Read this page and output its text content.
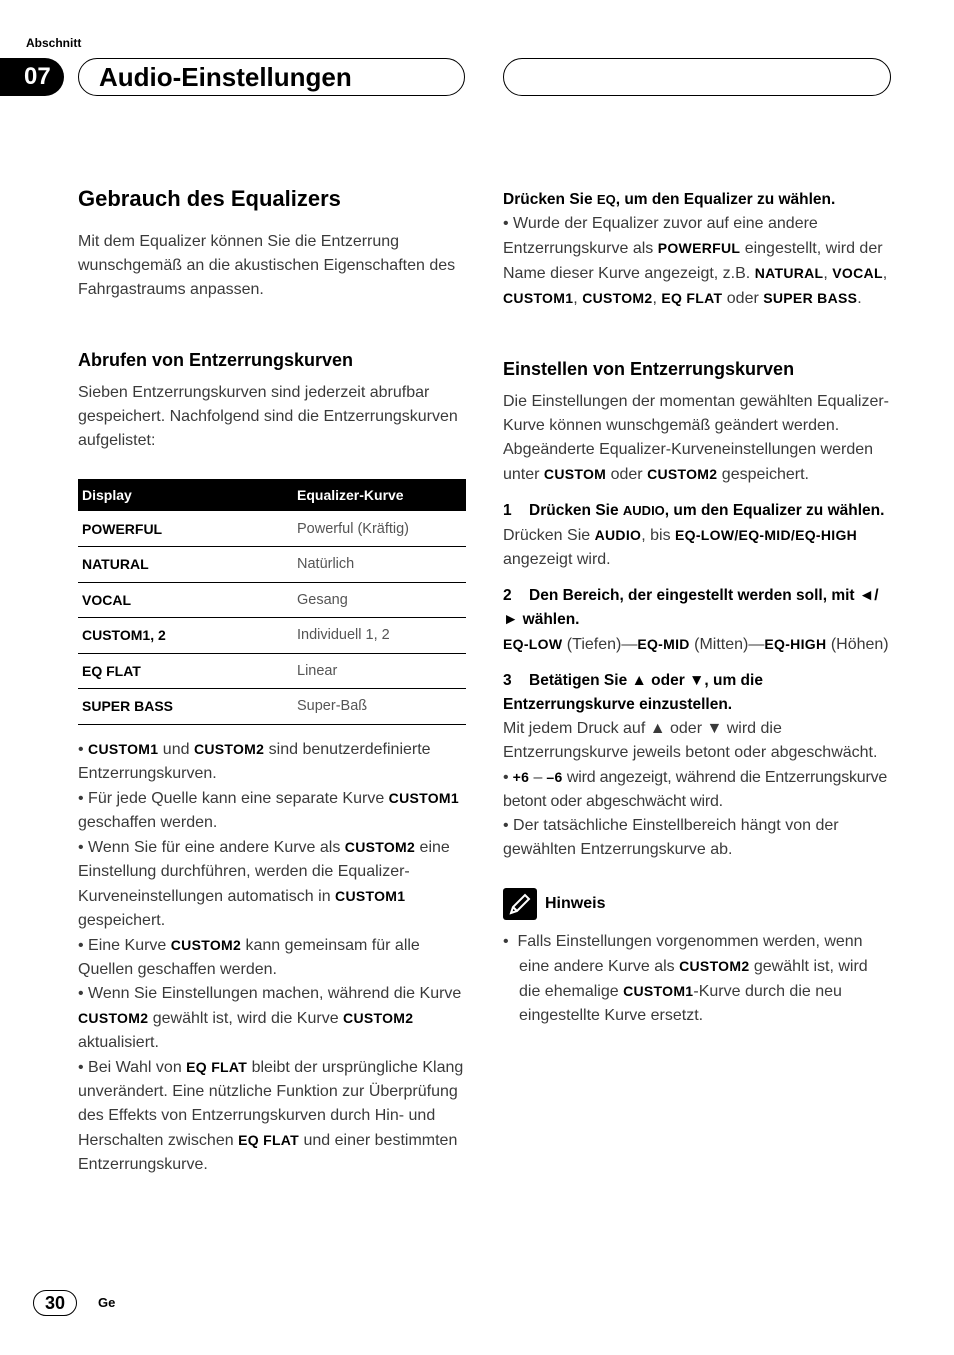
Abschnitt
07	Audio-Einstellungen
Gebrauch des Equalizers

Mit dem Equalizer können Sie die Entzerrung wunschgemäß an die akustischen Eigenschaften des Fahrgastraums anpassen.

Abrufen von Entzerrungskurven

Sieben Entzerrungskurven sind jederzeit abrufbar gespeichert. Nachfolgend sind die Entzerrungskurven aufgelistet:

Display	Equalizer-Kurve
POWERFUL	Powerful (Kräftig)
NATURAL	Natürlich
VOCAL	Gesang
CUSTOM1, 2	Individuell 1, 2
EQ FLAT	Linear
SUPER BASS	Super-Baß

• CUSTOM1 und CUSTOM2 sind benutzerdefinierte Entzerrungskurven.

• Für jede Quelle kann eine separate Kurve CUSTOM1 geschaffen werden.

• Wenn Sie für eine andere Kurve als CUSTOM2 eine Einstellung durchführen, werden die Equalizer-Kurveneinstellungen automatisch in CUSTOM1 gespeichert.

• Eine Kurve CUSTOM2 kann gemeinsam für alle Quellen geschaffen werden.

• Wenn Sie Einstellungen machen, während die Kurve CUSTOM2 gewählt ist, wird die Kurve CUSTOM2 aktualisiert.

• Bei Wahl von EQ FLAT bleibt der ursprüngliche Klang unverändert. Eine nützliche Funktion zur Überprüfung des Effekts von Entzerrungskurven durch Hin- und Herschalten zwischen EQ FLAT und einer bestimmten Entzerrungskurve.

Drücken Sie EQ, um den Equalizer zu wählen.

• Wurde der Equalizer zuvor auf eine andere Entzerrungskurve als POWERFUL eingestellt, wird der Name dieser Kurve angezeigt, z.B. NATURAL, VOCAL, CUSTOM1, CUSTOM2, EQ FLAT oder SUPER BASS.

Einstellen von Entzerrungskurven

Die Einstellungen der momentan gewählten Equalizer-Kurve können wunschgemäß geändert werden. Abgeänderte Equalizer-Kurveneinstellungen werden unter CUSTOM oder CUSTOM2 gespeichert.

1 Drücken Sie AUDIO, um den Equalizer zu wählen.

Drücken Sie AUDIO, bis EQ-LOW/EQ-MID/EQ-HIGH angezeigt wird.

2 Den Bereich, der eingestellt werden soll, mit ◄/► wählen.

EQ-LOW (Tiefen)—EQ-MID (Mitten)—EQ-HIGH (Höhen)

3 Betätigen Sie ▲ oder ▼, um die Entzerrungskurve einzustellen.

Mit jedem Druck auf ▲ oder ▼ wird die Entzerrungskurve jeweils betont oder abgeschwächt.

• +6 – –6 wird angezeigt, während die Entzerrungskurve betont oder abgeschwächt wird.

• Der tatsächliche Einstellbereich hängt von der gewählten Entzerrungskurve ab.

Hinweis

•  Falls Einstellungen vorgenommen werden, wenn eine andere Kurve als CUSTOM2 gewählt ist, wird die ehemalige CUSTOM1-Kurve durch die neu eingestellte Kurve ersetzt.

30	Ge
